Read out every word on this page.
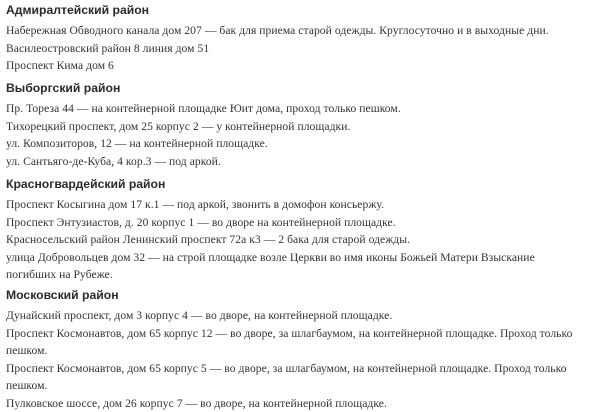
Адмиралтейский район

Набережная Обводного канала дом 207 — бак для приема старой одежды. Круглосуточно и в выходные дни.

Василеостровский район 8 линия дом 51

Проспект Кима дом 6

Выборгский район

Пр. Тореза 44 — на контейнерной площадке Юит дома, проход только пешком.

Тихорецкий проспект, дом 25 корпус 2 — у контейнерной площадки.

ул. Композиторов, 12 — на контейнерной площадке.

ул. Сантьяго-де-Куба, 4 кор.3 — под аркой.

Красногвардейский район

Проспект Косыгина дом 17 к.1 — под аркой, звонить в домофон консьержу.

Проспект Энтузиастов, д. 20 корпус 1 — во дворе на контейнерной площадке.

Красносельский район Ленинский проспект 72а к3 — 2 бака для старой одежды.

улица Добровольцев дом 32 — на строй площадке возле Церкви во имя иконы Божьей Матери Взыскание погибших на Рубеже.

Московский район

Дунайский проспект, дом 3 корпус 4 — во дворе, на контейнерной площадке.

Проспект Космонавтов, дом 65 корпус 12 — во дворе, за шлагбаумом, на контейнерной площадке. Проход только пешком.

Проспект Космонавтов, дом 65 корпус 5 — во дворе, за шлагбаумом, на контейнерной площадке. Проход только пешком.

Пулковское шоссе, дом 26 корпус 7 — во дворе, на контейнерной площадке.
